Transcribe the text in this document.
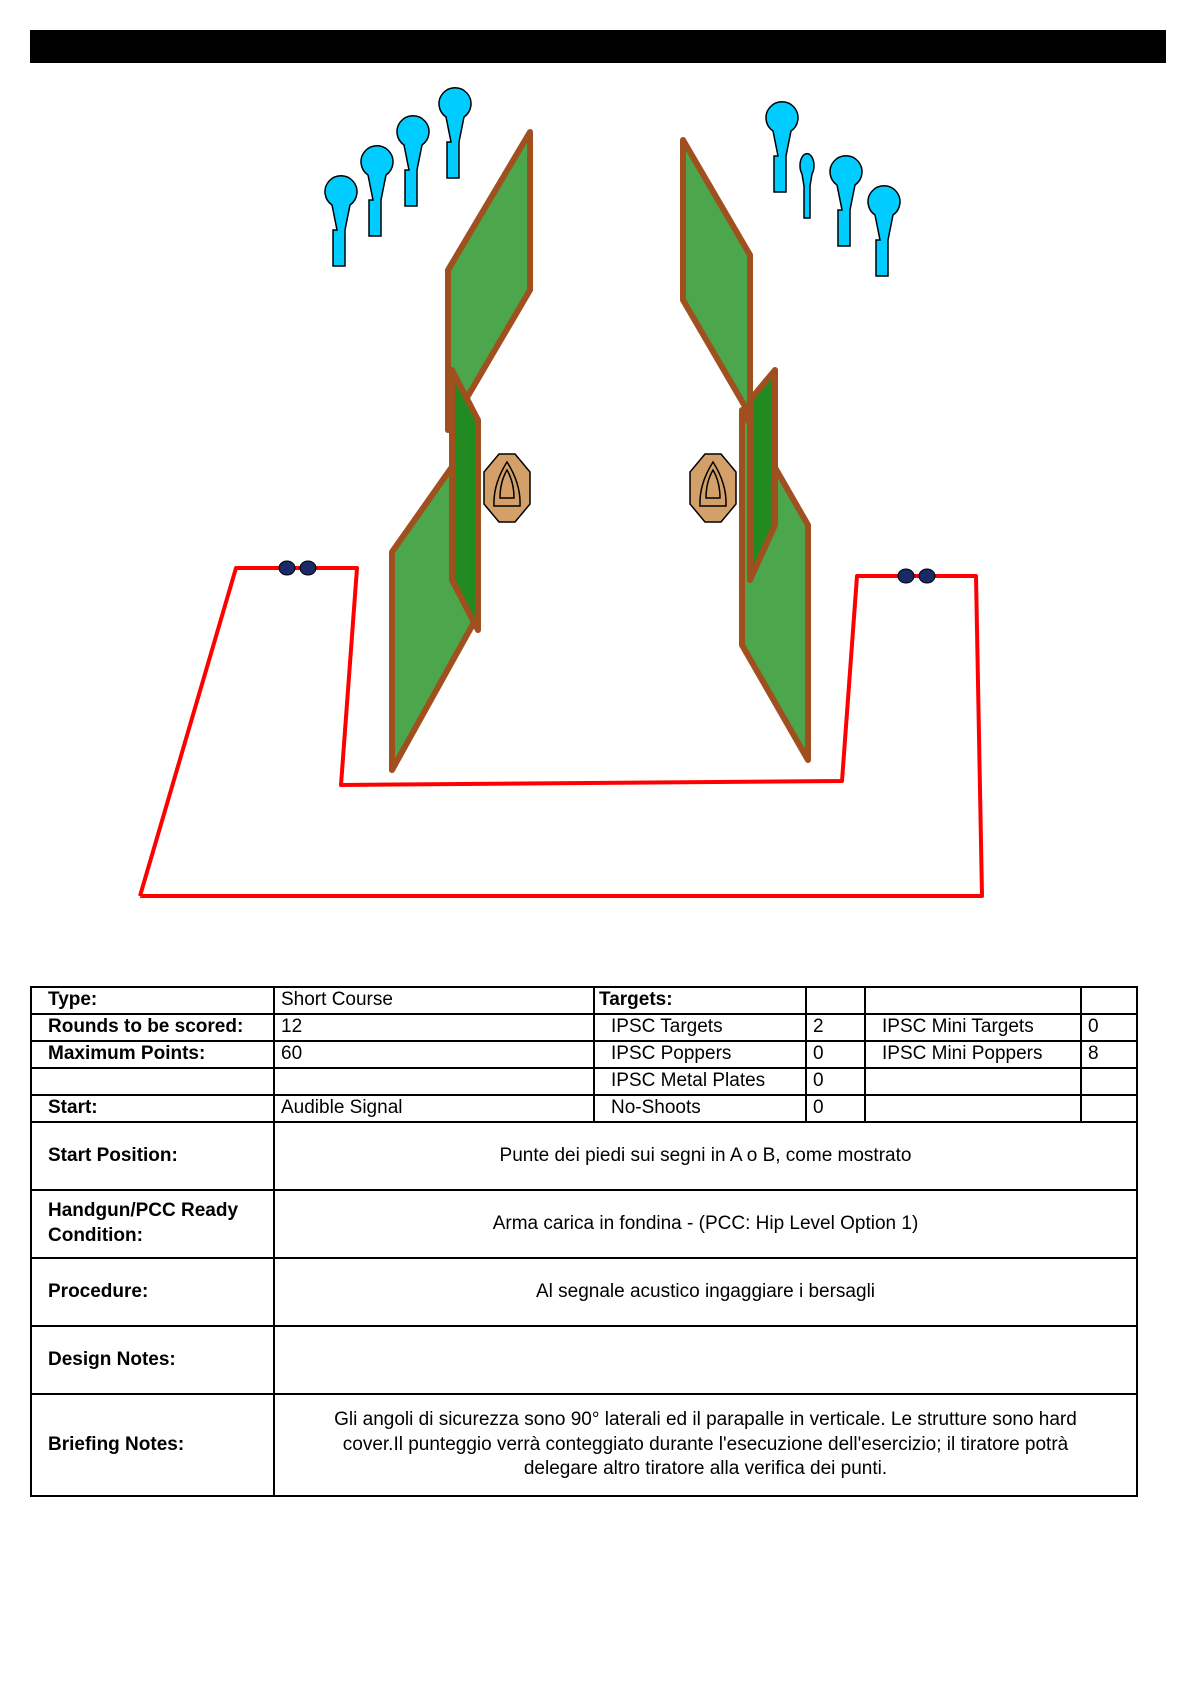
Type:	Short Course	Targets:			
Rounds to be scored:	12	IPSC Targets	2	IPSC Mini Targets	0
Maximum Points:	60	IPSC Poppers	0	IPSC Mini Poppers	8
		IPSC Metal Plates	0		
Start:	Audible Signal	No-Shoots	0		
Start Position:	Punte dei piedi sui segni in A o B, come mostrato				
Handgun/PCC Ready
Condition:	Arma carica in fondina - (PCC: Hip Level Option 1)				
Procedure:	Al segnale acustico ingaggiare i bersagli				
Design Notes:					
Briefing Notes:	Gli angoli di sicurezza sono 90° laterali ed il parapalle in verticale. Le strutture sono hard
cover.Il punteggio verrà conteggiato durante l'esecuzione dell'esercizio; il tiratore potrà
delegare altro tiratore alla verifica dei punti.				
